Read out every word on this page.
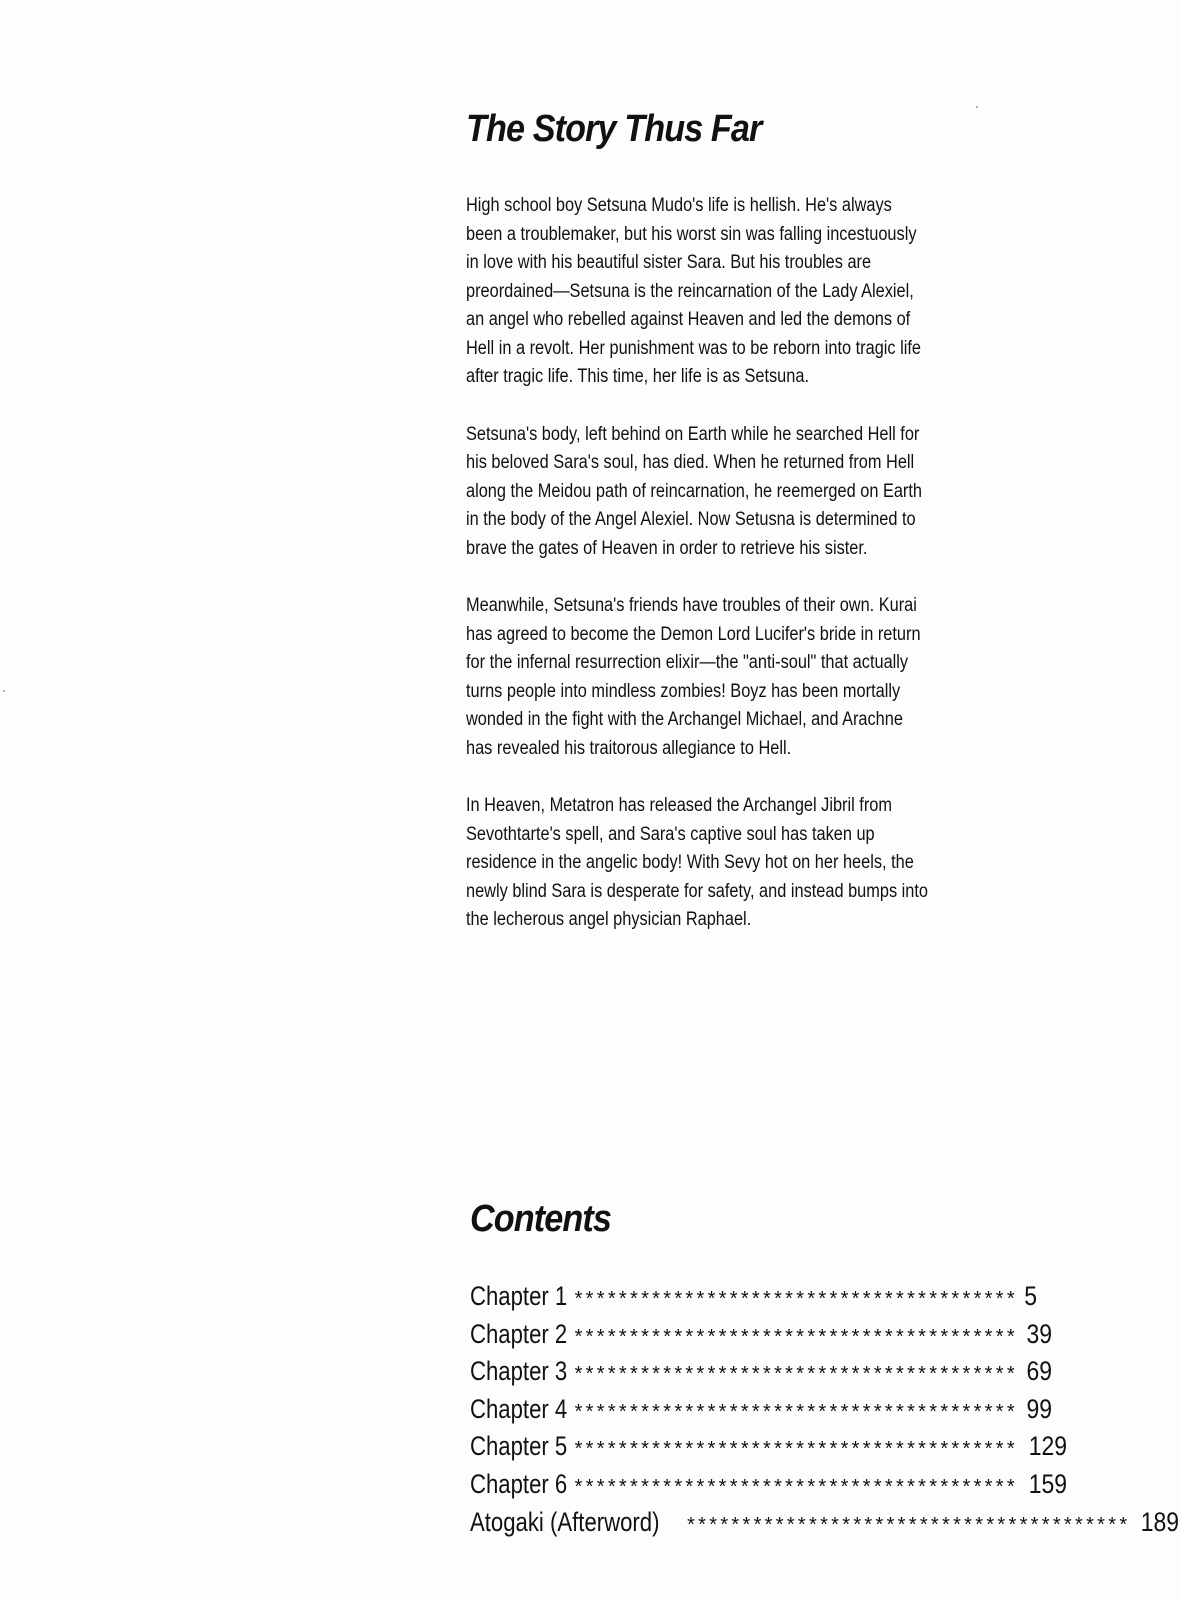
The Story Thus Far

High school boy Setsuna Mudo's life is hellish. He's always been a troublemaker, but his worst sin was falling incestuously in love with his beautiful sister Sara. But his troubles are preordained—Setsuna is the reincarnation of the Lady Alexiel, an angel who rebelled against Heaven and led the demons of Hell in a revolt. Her punishment was to be reborn into tragic life after tragic life. This time, her life is as Setsuna.

Setsuna's body, left behind on Earth while he searched Hell for his beloved Sara's soul, has died. When he returned from Hell along the Meidou path of reincarnation, he reemerged on Earth in the body of the Angel Alexiel. Now Setusna is determined to brave the gates of Heaven in order to retrieve his sister.

Meanwhile, Setsuna's friends have troubles of their own. Kurai has agreed to become the Demon Lord Lucifer's bride in return for the infernal resurrection elixir—the "anti-soul" that actually turns people into mindless zombies! Boyz has been mortally wonded in the fight with the Archangel Michael, and Arachne has revealed his traitorous allegiance to Hell.

In Heaven, Metatron has released the Archangel Jibril from Sevothtarte's spell, and Sara's captive soul has taken up residence in the angelic body! With Sevy hot on her heels, the newly blind Sara is desperate for safety, and instead bumps into the lecherous angel physician Raphael.

Contents
Chapter 1 **************************************** 5
Chapter 2 **************************************** 39
Chapter 3 **************************************** 69
Chapter 4 **************************************** 99
Chapter 5 **************************************** 129
Chapter 6 **************************************** 159
Atogaki (Afterword) **************************************** 189
